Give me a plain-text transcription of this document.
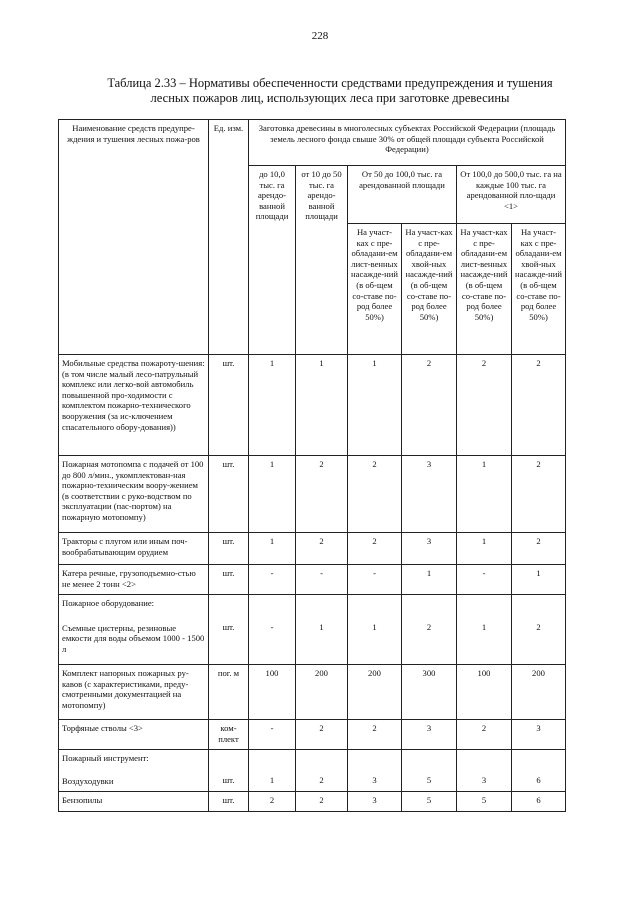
228
Таблица 2.33 – Нормативы обеспеченности средствами предупреждения и тушения
лесных пожаров лиц, использующих леса при заготовке древесины
Наименование средств предупре-ждения и тушения лесных пожа-ров	Ед. изм.	Заготовка древесины в многолесных субъектах Российской Федерации (площадь земель лесного фонда свыше 30% от общей площади субъекта Российской Федерации)					
		до 10,0 тыс. га арендо-ванной площади	от 10 до 50 тыс. га арендо-ванной площади	От 50 до 100,0 тыс. га арендованной площади		От 100,0 до 500,0 тыс. га на каждые 100 тыс. га арендованной пло-щади <1>	
				На участ-ках с пре-обладани-ем лист-венных насажде-ний (в об-щем со-ставе по-род более 50%)	На участ-ках с пре-обладани-ем хвой-ных насажде-ний (в об-щем со-ставе по-род более 50%)	На участ-ках с пре-обладани-ем лист-венных насажде-ний (в об-щем со-ставе по-род более 50%)	На участ-ках с пре-обладани-ем хвой-ных насажде-ний (в об-щем со-ставе по-род более 50%)
Мобильные средства пожароту-шения: (в том числе малый лесо-патрульный комплекс или легко-вой автомобиль повышенной про-ходимости с комплектом пожарно-технического вооружения (за ис-ключением спасательного обору-дования))	шт.	1	1	1	2	2	2
Пожарная мотопомпа с подачей от 100 до 800 л/мин., укомплектован-ная пожарно-техническим воору-жением (в соответствии с руко-водством по эксплуатации (пас-портом) на пожарную мотопомпу)	шт.	1	2	2	3	1	2
Тракторы с плугом или иным поч-вообрабатывающим орудием	шт.	1	2	2	3	1	2
Катера речные, грузоподъемно-стью не менее 2 тонн <2>	шт.	-	-	-	1	-	1

Пожарное оборудование:
Съемные цистерны, резиновые емкости для воды объемом 1000 - 1500 л	шт.	-	1	1	2	1	2
Комплект напорных пожарных ру-кавов (с характеристиками, преду-смотренными документацией на мотопомпу)	пог. м	100	200	200	300	100	200
Торфяные стволы <3>	ком-плект	-	2	2	3	2	3

Пожарный инструмент:
Воздуходувки	шт.	1	2	3	5	3	6
Бензопилы	шт.	2	2	3	5	5	6
